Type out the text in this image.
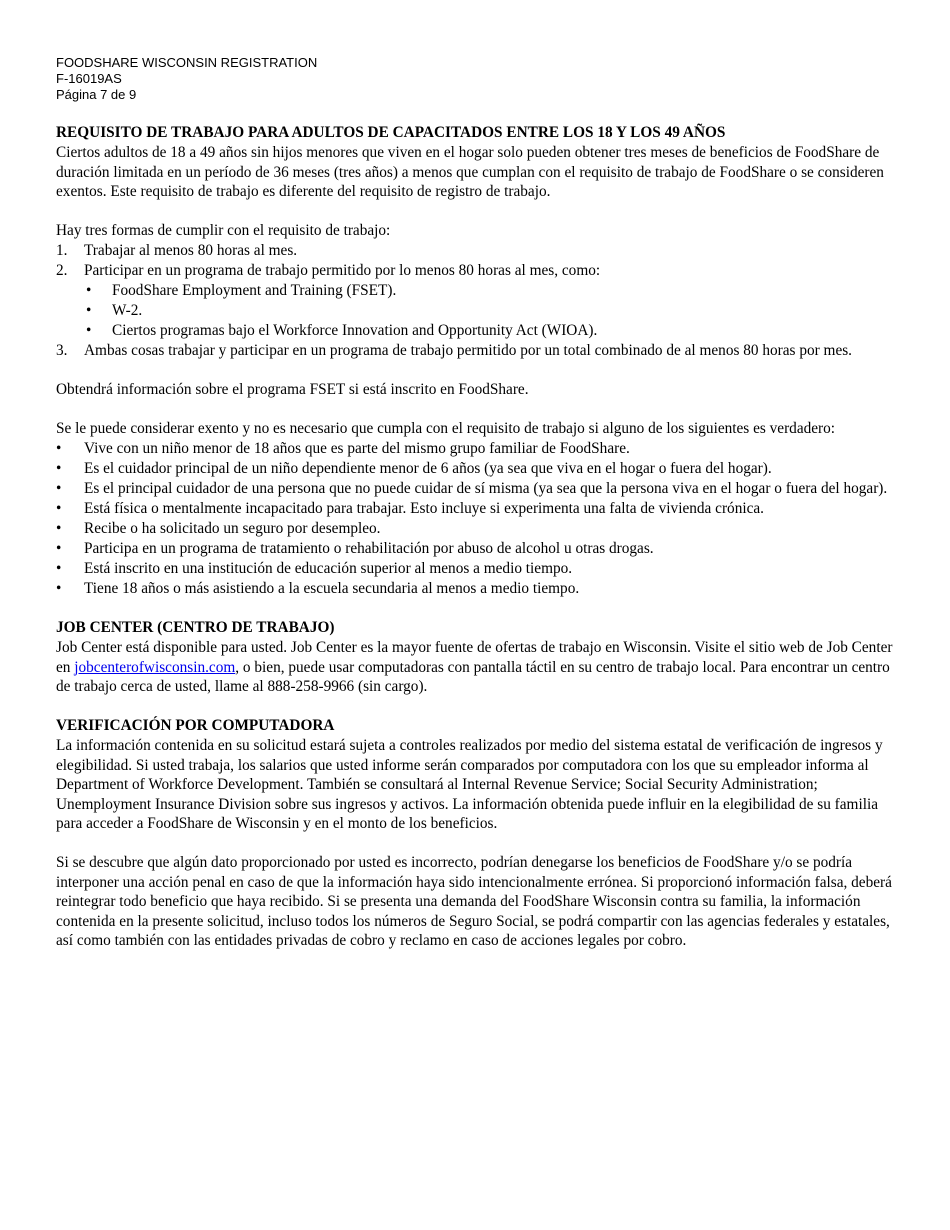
FOODSHARE WISCONSIN REGISTRATION
F-16019AS
Página 7 de 9
REQUISITO DE TRABAJO PARA ADULTOS DE CAPACITADOS ENTRE LOS 18 Y LOS 49 AÑOS

Ciertos adultos de 18 a 49 años sin hijos menores que viven en el hogar solo pueden obtener tres meses de beneficios de FoodShare de duración limitada en un período de 36 meses (tres años) a menos que cumplan con el requisito de trabajo de FoodShare o se consideren exentos. Este requisito de trabajo es diferente del requisito de registro de trabajo.

Hay tres formas de cumplir con el requisito de trabajo:

1. Trabajar al menos 80 horas al mes.
2. Participar en un programa de trabajo permitido por lo menos 80 horas al mes, como:
• FoodShare Employment and Training (FSET).
• W-2.
• Ciertos programas bajo el Workforce Innovation and Opportunity Act (WIOA).
3. Ambas cosas trabajar y participar en un programa de trabajo permitido por un total combinado de al menos 80 horas por mes.

Obtendrá información sobre el programa FSET si está inscrito en FoodShare.

Se le puede considerar exento y no es necesario que cumpla con el requisito de trabajo si alguno de los siguientes es verdadero:

• Vive con un niño menor de 18 años que es parte del mismo grupo familiar de FoodShare.
• Es el cuidador principal de un niño dependiente menor de 6 años (ya sea que viva en el hogar o fuera del hogar).
• Es el principal cuidador de una persona que no puede cuidar de sí misma (ya sea que la persona viva en el hogar o fuera del hogar).
• Está física o mentalmente incapacitado para trabajar. Esto incluye si experimenta una falta de vivienda crónica.
• Recibe o ha solicitado un seguro por desempleo.
• Participa en un programa de tratamiento o rehabilitación por abuso de alcohol u otras drogas.
• Está inscrito en una institución de educación superior al menos a medio tiempo.
• Tiene 18 años o más asistiendo a la escuela secundaria al menos a medio tiempo.
JOB CENTER (CENTRO DE TRABAJO)

Job Center está disponible para usted. Job Center es la mayor fuente de ofertas de trabajo en Wisconsin. Visite el sitio web de Job Center en jobcenterofwisconsin.com, o bien, puede usar computadoras con pantalla táctil en su centro de trabajo local. Para encontrar un centro de trabajo cerca de usted, llame al 888-258-9966 (sin cargo).

VERIFICACIÓN POR COMPUTADORA

La información contenida en su solicitud estará sujeta a controles realizados por medio del sistema estatal de verificación de ingresos y elegibilidad. Si usted trabaja, los salarios que usted informe serán comparados por computadora con los que su empleador informa al Department of Workforce Development. También se consultará al Internal Revenue Service; Social Security Administration; Unemployment Insurance Division sobre sus ingresos y activos. La información obtenida puede influir en la elegibilidad de su familia para acceder a FoodShare de Wisconsin y en el monto de los beneficios.

Si se descubre que algún dato proporcionado por usted es incorrecto, podrían denegarse los beneficios de FoodShare y/o se podría interponer una acción penal en caso de que la información haya sido intencionalmente errónea. Si proporcionó información falsa, deberá reintegrar todo beneficio que haya recibido. Si se presenta una demanda del FoodShare Wisconsin contra su familia, la información contenida en la presente solicitud, incluso todos los números de Seguro Social, se podrá compartir con las agencias federales y estatales, así como también con las entidades privadas de cobro y reclamo en caso de acciones legales por cobro.
